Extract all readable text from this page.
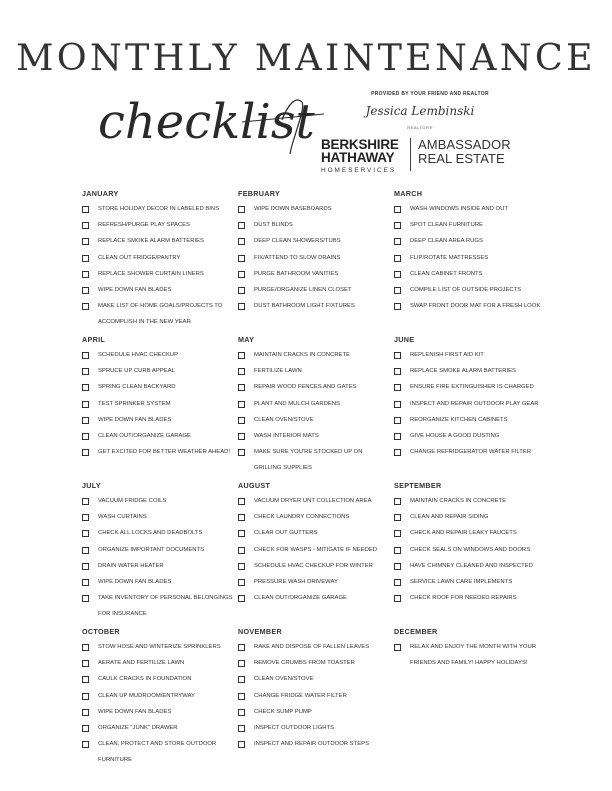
MONTHLY MAINTENANCE
checklist	PROVIDED BY YOUR FRIEND AND REALTOR
Jessica Lembinski
REALTOR®
BERKSHIRE
HATHAWAY
HOMESERVICES
AMBASSADOR
REAL ESTATE
JANUARY
STORE HOLIDAY DECOR IN LABELED BINS
REFRESH/PURGE PLAY SPACES
REPLACE SMOKE ALARM BATTERIES
CLEAN OUT FRIDGE/PANTRY
REPLACE SHOWER CURTAIN LINERS
WIPE DOWN FAN BLADES
MAKE LIST OF HOME GOALS/PROJECTS TO ACCOMPLISH IN THE NEW YEAR
FEBRUARY
WIPE DOWN BASEBOARDS
DUST BLINDS
DEEP CLEAN SHOWERS/TUBS
FIX/ATTEND TO SLOW DRAINS
PURGE BATHROOM VANITIES
PURGE/ORGANIZE LINEN CLOSET
DUST BATHROOM LIGHT FIXTURES
MARCH
WASH WINDOWS INSIDE AND OUT
SPOT CLEAN FURNITURE
DEEP CLEAN AREA RUGS
FLIP/ROTATE MATTRESSES
CLEAN CABINET FRONTS
COMPILE LIST OF OUTSIDE PROJECTS
SWAP FRONT DOOR MAT FOR A FRESH LOOK
APRIL
SCHEDULE HVAC CHECKUP
SPRUCE UP CURB APPEAL
SPRING CLEAN BACKYARD
TEST SPRINKER SYSTEM
WIPE DOWN FAN BLADES
CLEAN OUT/ORGANIZE GARAGE
GET EXCITED FOR BETTER WEATHER AHEAD!
MAY
MAINTAIN CRACKS IN CONCRETE
FERTILIZE LAWN
REPAIR WOOD FENCES AND GATES
PLANT AND MULCH GARDENS
CLEAN OVEN/STOVE
WASH INTERIOR MATS
MAKE SURE YOU'RE STOCKED UP ON GRILLING SUPPLIES
JUNE
REPLENISH FIRST AID KIT
REPLACE SMOKE ALARM BATTERIES
ENSURE FIRE EXTINGUISHER IS CHARGED
INSPECT AND REPAIR OUTDOOR PLAY GEAR
REORGANIZE KITCHEN CABINETS
GIVE HOUSE A GOOD DUSTING
CHANGE REFRIDGERATOR WATER FILTER
JULY
VACUUM FRIDGE COILS
WASH CURTAINS
CHECK ALL LOCKS AND DEADBOLTS
ORGANIZE IMPORTANT DOCUMENTS
DRAIN WATER HEATER
WIPE DOWN FAN BLADES
TAKE INVENTORY OF PERSONAL BELONGINGS FOR INSURANCE
AUGUST
VACUUM DRYER UNT COLLECTION AREA
CHECK LAUNDRY CONNECTIONS
CLEAR OUT GUTTERS
CHECK FOR WASPS - MITIGATE IF NEEDED
SCHEDULE HVAC CHECKUP FOR WINTER
PRESSURE WASH DRIVEWAY
CLEAN OUT/ORGANIZE GARAGE
SEPTEMBER
MAINTAIN CRACKS IN CONCRETE
CLEAN AND REPAIR SIDING
CHECK AND REPAIR LEAKY FAUCETS
CHECK SEALS ON WINDOWS AND DOORS
HAVE CHIMNEY CLEANED AND INSPECTED
SERVICE LAWN CARE IMPLEMENTS
CHECK ROOF FOR NEEDED REPAIRS
OCTOBER
STOW HOSE AND WINTERIZE SPRINKLERS
AERATE AND FERTILIZE LAWN
CAULK CRACKS IN FOUNDATION
CLEAN UP MUDROOM/ENTRYWAY
WIPE DOWN FAN BLADES
ORGANIZE "JUNK" DRAWER
CLEAN, PROTECT AND STORE OUTDOOR FURNITURE
NOVEMBER
RAKE AND DISPOSE OF FALLEN LEAVES
REMOVE CRUMBS FROM TOASTER
CLEAN OVEN/STOVE
CHANGE FRIDGE WATER FILTER
CHECK SUMP PUMP
INSPECT OUTDOOR LIGHTS
INSPECT AND REPAIR OUTDOOR STEPS
DECEMBER
RELAX AND ENJOY THE MONTH WITH YOUR FRIENDS AND FAMILY! HAPPY HOLIDAYS!
